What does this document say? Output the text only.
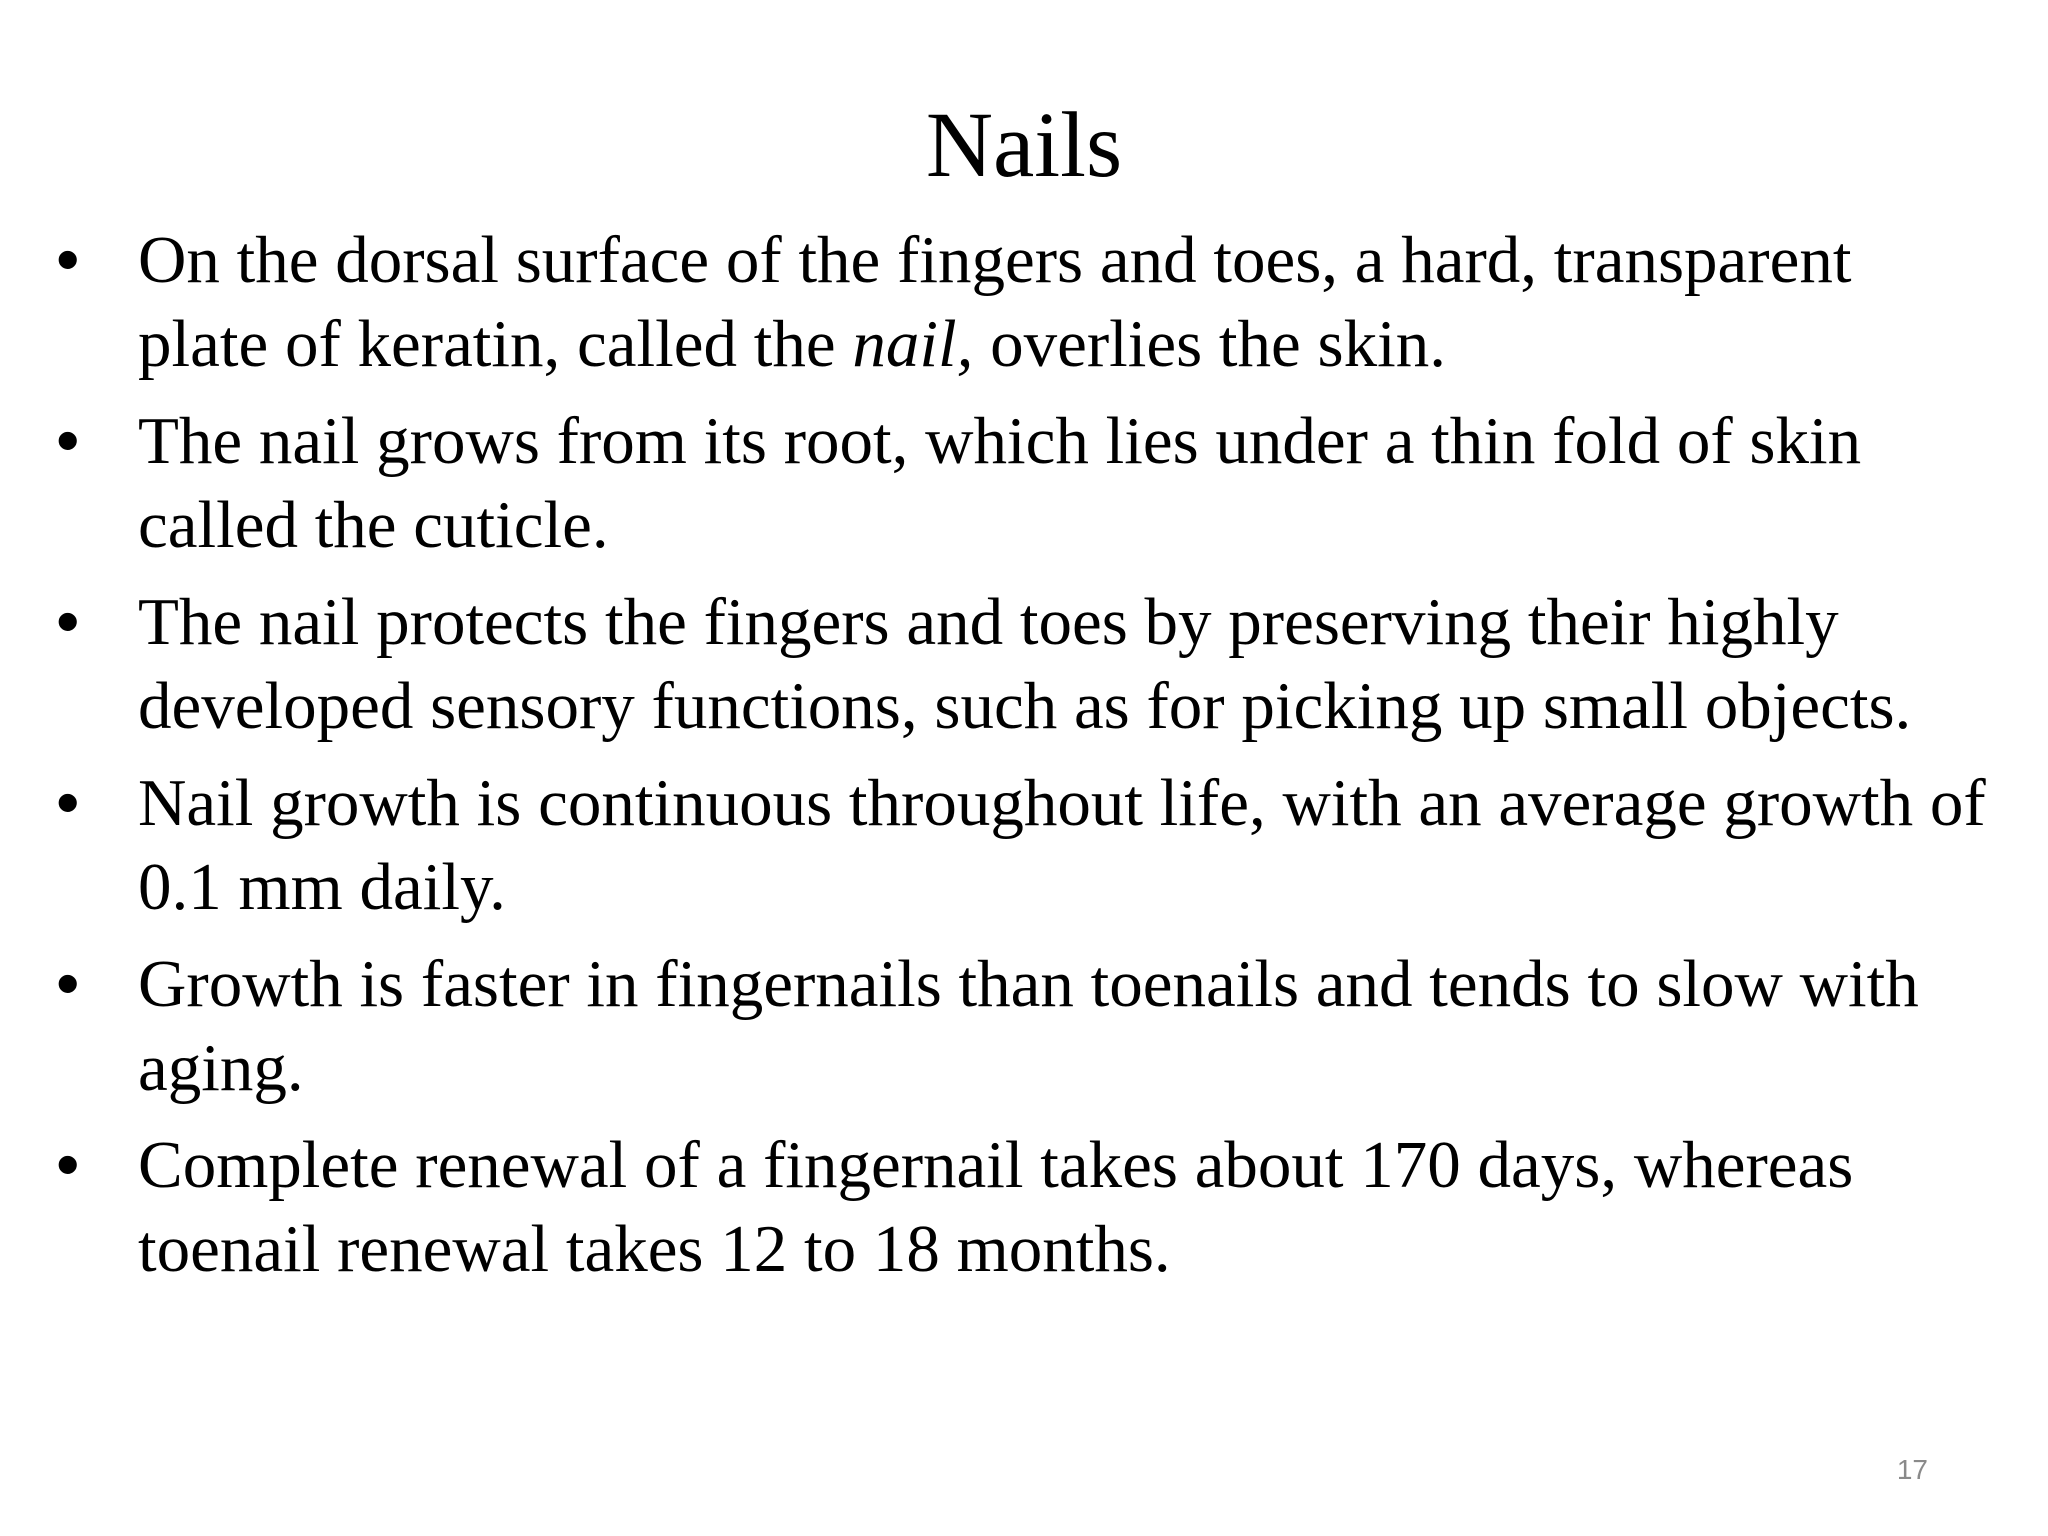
Nails
• On the dorsal surface of the fingers and toes, a hard, transparent
plate of keratin, called the nail, overlies the skin.
• The nail grows from its root, which lies under a thin fold of skin
called the cuticle.
• The nail protects the fingers and toes by preserving their highly
developed sensory functions, such as for picking up small objects.
• Nail growth is continuous throughout life, with an average growth of
0.1 mm daily.
• Growth is faster in fingernails than toenails and tends to slow with
aging.
• Complete renewal of a fingernail takes about 170 days, whereas
toenail renewal takes 12 to 18 months.
17
